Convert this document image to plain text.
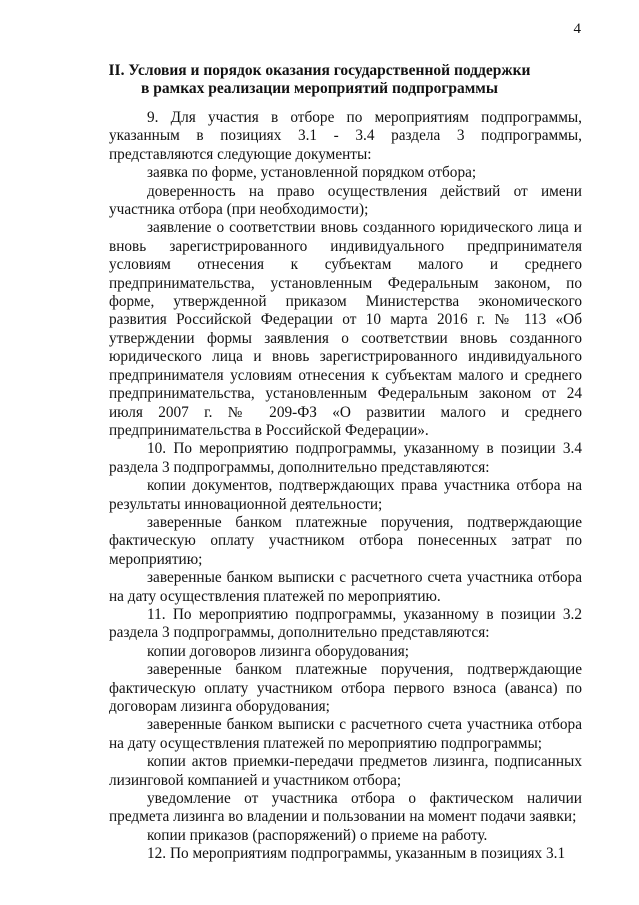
4
II. Условия и порядок оказания государственной поддержки
в рамках реализации мероприятий подпрограммы

9. Для участия в отборе по мероприятиям подпрограммы, указанным в позициях 3.1 - 3.4 раздела 3 подпрограммы, представляются следующие документы:

заявка по форме, установленной порядком отбора;

доверенность на право осуществления действий от имени участника отбора (при необходимости);

заявление о соответствии вновь созданного юридического лица и вновь зарегистрированного индивидуального предпринимателя условиям отнесения к субъектам малого и среднего предпринимательства, установленным Федеральным законом, по форме, утвержденной приказом Министерства экономического развития Российской Федерации от 10 марта 2016 г. № 113 «Об утверждении формы заявления о соответствии вновь созданного юридического лица и вновь зарегистрированного индивидуального предпринимателя условиям отнесения к субъектам малого и среднего предпринимательства, установленным Федеральным законом от 24 июля 2007 г. № 209-ФЗ «О развитии малого и среднего предпринимательства в Российской Федерации».

10. По мероприятию подпрограммы, указанному в позиции 3.4 раздела 3 подпрограммы, дополнительно представляются:

копии документов, подтверждающих права участника отбора на результаты инновационной деятельности;

заверенные банком платежные поручения, подтверждающие фактическую оплату участником отбора понесенных затрат по мероприятию;

заверенные банком выписки с расчетного счета участника отбора на дату осуществления платежей по мероприятию.

11. По мероприятию подпрограммы, указанному в позиции 3.2 раздела 3 подпрограммы, дополнительно представляются:

копии договоров лизинга оборудования;

заверенные банком платежные поручения, подтверждающие фактическую оплату участником отбора первого взноса (аванса) по договорам лизинга оборудования;

заверенные банком выписки с расчетного счета участника отбора на дату осуществления платежей по мероприятию подпрограммы;

копии актов приемки-передачи предметов лизинга, подписанных лизинговой компанией и участником отбора;

уведомление от участника отбора о фактическом наличии предмета лизинга во владении и пользовании на момент подачи заявки;

копии приказов (распоряжений) о приеме на работу.

12. По мероприятиям подпрограммы, указанным в позициях 3.1
